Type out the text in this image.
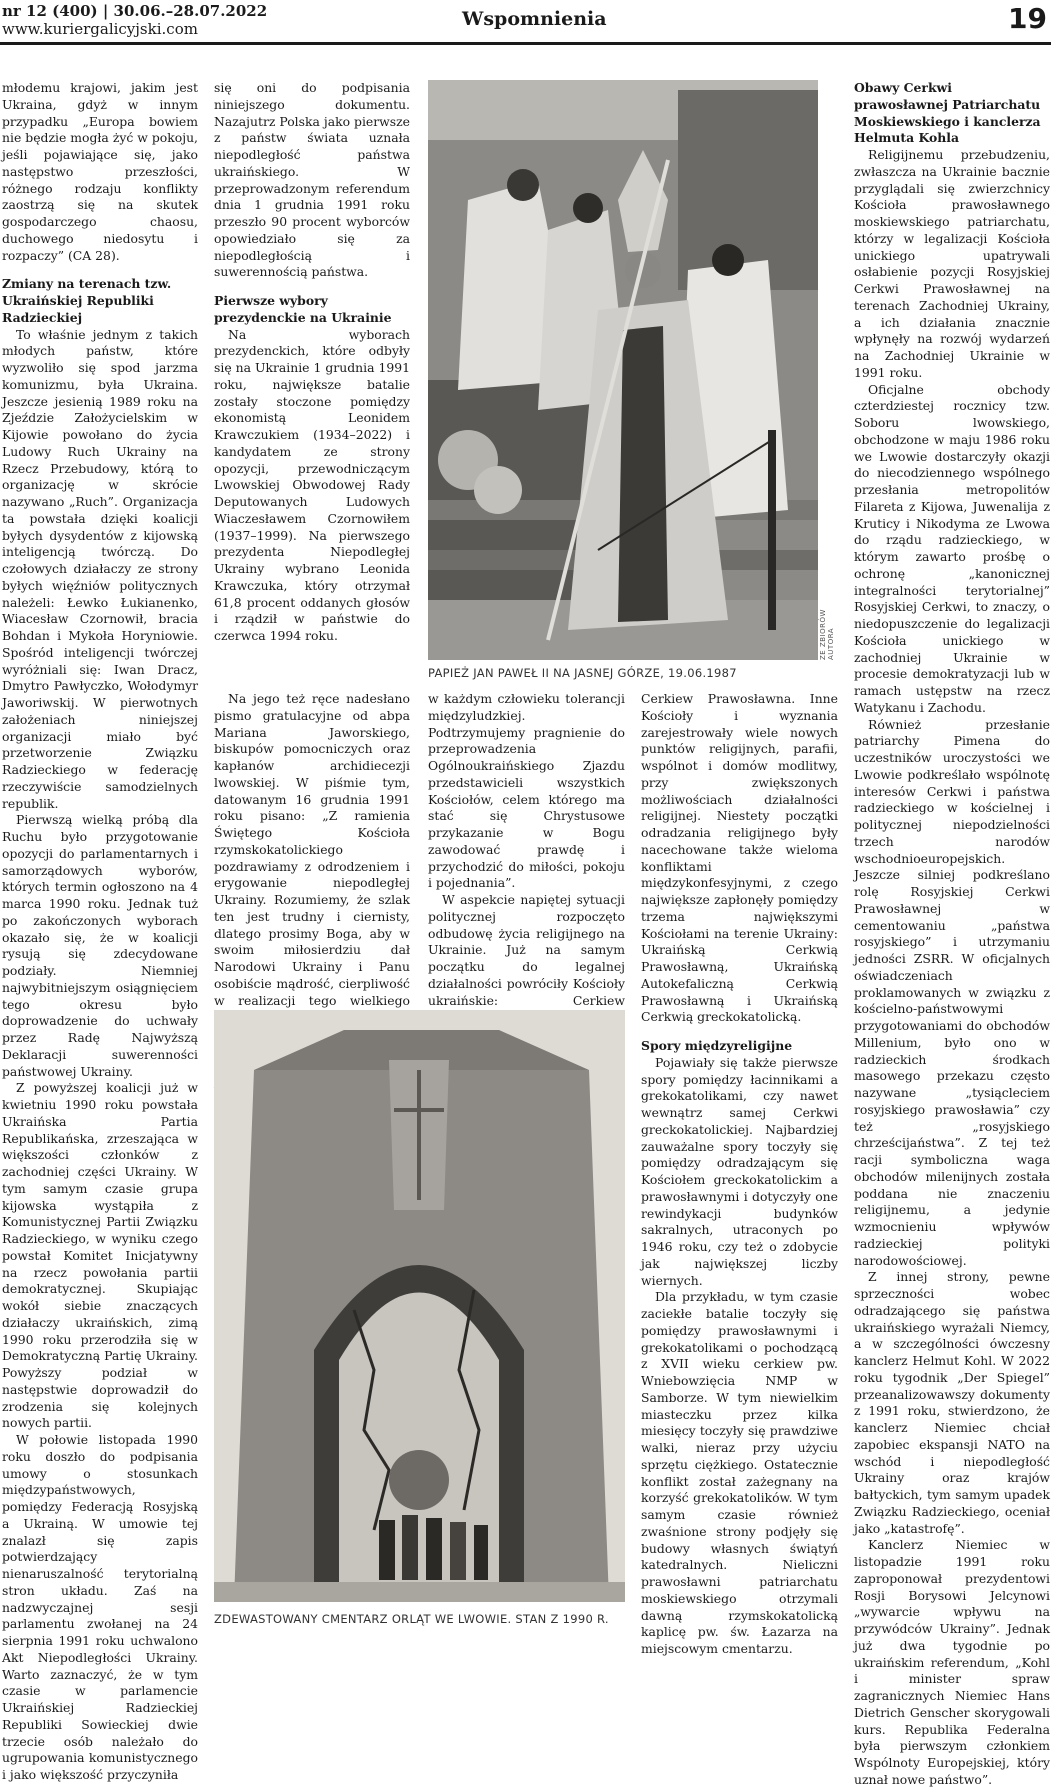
nr 12 (400) | 30.06.–28.07.2022
www.kuriergalicyjski.com	Wspomnienia	19

młodemu krajowi, jakim jest Ukraina, gdyż w innym przypadku „Europa bowiem nie będzie mogła żyć w pokoju, jeśli pojawiające się, jako następstwo przeszłości, różnego rodzaju konflikty zaostrzą się na skutek gospodarczego chaosu, duchowego niedosytu i rozpaczy” (CA 28).

Zmiany na terenach tzw. Ukraińskiej Republiki Radzieckiej

To właśnie jednym z takich młodych państw, które wyzwoliło się spod jarzma komunizmu, była Ukraina. Jeszcze jesienią 1989 roku na Zjeździe Założycielskim w Kijowie powołano do życia Ludowy Ruch Ukrainy na Rzecz Przebudowy, którą to organizację w skrócie nazywano „Ruch”. Organizacja ta powstała dzięki koalicji byłych dysydentów z kijowską inteligencją twórczą. Do czołowych działaczy ze strony byłych więźniów politycznych należeli: Łewko Łukianenko, Wiacesław Czornowił, bracia Bohdan i Mykoła Horyniowie. Spośród inteligencji twórczej wyróżniali się: Iwan Dracz, Dmytro Pawłyczko, Wołodymyr Jaworiwskij. W pierwotnych założeniach niniejszej organizacji miało być przetworzenie Związku Radzieckiego w federację rzeczywiście samodzielnych republik.

Pierwszą wielką próbą dla Ruchu było przygotowanie opozycji do parlamentarnych i samorządowych wyborów, których termin ogłoszono na 4 marca 1990 roku. Jednak tuż po zakończonych wyborach okazało się, że w koalicji rysują się zdecydowane podziały. Niemniej najwybitniejszym osiągnięciem tego okresu było doprowadzenie do uchwały przez Radę Najwyższą Deklaracji suwerenności państwowej Ukrainy.

Z powyższej koalicji już w kwietniu 1990 roku powstała Ukraińska Partia Republikańska, zrzeszająca w większości członków z zachodniej części Ukrainy. W tym samym czasie grupa kijowska wystąpiła z Komunistycznej Partii Związku Radzieckiego, w wyniku czego powstał Komitet Inicjatywny na rzecz powołania partii demokratycznej. Skupiając wokół siebie znaczących działaczy ukraińskich, zimą 1990 roku przerodziła się w Demokratyczną Partię Ukrainy. Powyższy podział w następstwie doprowadził do zrodzenia się kolejnych nowych partii.

W połowie listopada 1990 roku doszło do podpisania umowy o stosunkach międzypaństwowych, pomiędzy Federacją Rosyjską a Ukrainą. W umowie tej znalazł się zapis potwierdzający nienaruszalność terytorialną stron układu. Zaś na nadzwyczajnej sesji parlamentu zwołanej na 24 sierpnia 1991 roku uchwalono Akt Niepodległości Ukrainy. Warto zaznaczyć, że w tym czasie w parlamencie Ukraińskiej Radzieckiej Republiki Sowieckiej dwie trzecie osób należało do ugrupowania komunistycznego i jako większość przyczyniła

się oni do podpisania niniejszego dokumentu. Nazajutrz Polska jako pierwsze z państw świata uznała niepodległość państwa ukraińskiego. W przeprowadzonym referendum dnia 1 grudnia 1991 roku przeszło 90 procent wyborców opowiedziało się za niepodległością i suwerennością państwa.

Pierwsze wybory prezydenckie na Ukrainie

Na wyborach prezydenckich, które odbyły się na Ukrainie 1 grudnia 1991 roku, największe batalie zostały stoczone pomiędzy ekonomistą Leonidem Krawczukiem (1934–2022) i kandydatem ze strony opozycji, przewodniczącym Lwowskiej Obwodowej Rady Deputowanych Ludowych Wiaczesławem Czornowiłem (1937–1999). Na pierwszego prezydenta Niepodległej Ukrainy wybrano Leonida Krawczuka, który otrzymał 61,8 procent oddanych głosów i rządził w państwie do czerwca 1994 roku.

Na jego też ręce nadesłano pismo gratulacyjne od abpa Mariana Jaworskiego, biskupów pomocniczych oraz kapłanów archidiecezji lwowskiej. W piśmie tym, datowanym 16 grudnia 1991 roku pisano: „Z ramienia Świętego Kościoła rzymskokatolickiego pozdrawiamy z odrodzeniem i erygowanie niepodległej Ukrainy. Rozumiemy, że szlak ten jest trudny i ciernisty, dlatego prosimy Boga, aby w swoim miłosierdziu dał Narodowi Ukrainy i Panu osobiście mądrość, cierpliwość w realizacji tego wielkiego

w każdym człowieku tolerancji międzyludzkiej. Podtrzymujemy pragnienie do przeprowadzenia Ogólnoukraińskiego Zjazdu przedstawicieli wszystkich Kościołów, celem którego ma stać się Chrystusowe przykazanie w Bogu zawodować prawdę i przychodzić do miłości, pokoju i pojednania”.

W aspekcie napiętej sytuacji politycznej rozpoczęto odbudowę życia religijnego na Ukrainie. Już na samym początku do legalnej działalności powróciły Kościoły ukraińskie: Cerkiew

Cerkiew Prawosławna. Inne Kościoły i wyznania zarejestrowały wiele nowych punktów religijnych, parafii, wspólnot i domów modlitwy, przy zwiększonych możliwościach działalności religijnej. Niestety początki odradzania religijnego były nacechowane także wieloma konfliktami międzykonfesyjnymi, z czego największe zapłonęły pomiędzy trzema największymi Kościołami na terenie Ukrainy: Ukraińską Cerkwią Prawosławną, Ukraińską Autokefaliczną Cerkwią Prawosławną i Ukraińską Cerkwią greckokatolicką.

Spory międzyreligijne

Pojawiały się także pierwsze spory pomiędzy łacinnikami a grekokatolikami, czy nawet wewnątrz samej Cerkwi greckokatolickiej. Najbardziej zauważalne spory toczyły się pomiędzy odradzającym się Kościołem greckokatolickim a prawosławnymi i dotyczyły one rewindykacji budynków sakralnych, utraconych po 1946 roku, czy też o zdobycie jak największej liczby wiernych.

Dla przykładu, w tym czasie zaciekłe batalie toczyły się pomiędzy prawosławnymi i grekokatolikami o pochodzącą z XVII wieku cerkiew pw. Wniebowzięcia NMP w Samborze. W tym niewielkim miasteczku przez kilka miesięcy toczyły się prawdziwe walki, nieraz przy użyciu sprzętu ciężkiego. Ostatecznie konflikt został zażegnany na korzyść grekokatolików. W tym samym czasie również zwaśnione strony podjęły się budowy własnych świątyń katedralnych. Nieliczni prawosławni patriarchatu moskiewskiego otrzymali dawną rzymskokatolicką kaplicę pw. św. Łazarza na miejscowym cmentarzu.

Obawy Cerkwi prawosławnej Patriarchatu Moskiewskiego i kanclerza Helmuta Kohla

Religijnemu przebudzeniu, zwłaszcza na Ukrainie bacznie przyglądali się zwierzchnicy Kościoła prawosławnego moskiewskiego patriarchatu, którzy w legalizacji Kościoła unickiego upatrywali osłabienie pozycji Rosyjskiej Cerkwi Prawosławnej na terenach Zachodniej Ukrainy, a ich działania znacznie wpłynęły na rozwój wydarzeń na Zachodniej Ukrainie w 1991 roku.

Oficjalne obchody czterdziestej rocznicy tzw. Soboru lwowskiego, obchodzone w maju 1986 roku we Lwowie dostarczyły okazji do niecodziennego wspólnego przesłania metropolitów Filareta z Kijowa, Juwenalija z Kruticy i Nikodyma ze Lwowa do rządu radzieckiego, w którym zawarto prośbę o ochronę „kanonicznej integralności terytorialnej” Rosyjskiej Cerkwi, to znaczy, o niedopuszczenie do legalizacji Kościoła unickiego w zachodniej Ukrainie w procesie demokratyzacji lub w ramach ustępstw na rzecz Watykanu i Zachodu.

Również przesłanie patriarchy Pimena do uczestników uroczystości we Lwowie podkreślało wspólnotę interesów Cerkwi i państwa radzieckiego w kościelnej i politycznej niepodzielności trzech narodów wschodnioeuropejskich. Jeszcze silniej podkreślano rolę Rosyjskiej Cerkwi Prawosławnej w cementowaniu „państwa rosyjskiego” i utrzymaniu jedności ZSRR. W oficjalnych oświadczeniach proklamowanych w związku z kościelno-państwowymi przygotowaniami do obchodów Millenium, było ono w radzieckich środkach masowego przekazu często nazywane „tysiącleciem rosyjskiego prawosławia” czy też „rosyjskiego chrześcijaństwa”. Z tej też racji symboliczna waga obchodów milenijnych została poddana nie znaczeniu religijnemu, a jedynie wzmocnieniu wpływów radzieckiej polityki narodowościowej.

Z innej strony, pewne sprzeczności wobec odradzającego się państwa ukraińskiego wyrażali Niemcy, a w szczególności ówczesny kanclerz Helmut Kohl. W 2022 roku tygodnik „Der Spiegel” przeanalizowawszy dokumenty z 1991 roku, stwierdzono, że kanclerz Niemiec chciał zapobiec ekspansji NATO na wschód i niepodległość Ukrainy oraz krajów bałtyckich, tym samym upadek Związku Radzieckiego, oceniał jako „katastrofę”.

Kanclerz Niemiec w listopadzie 1991 roku zaproponował prezydentowi Rosji Borysowi Jelcynowi „wywarcie wpływu na przywódców Ukrainy”. Jednak już dwa tygodnie po ukraińskim referendum, „Kohl i minister spraw zagranicznych Niemiec Hans Dietrich Genscher skorygowali kurs. Republika Federalna była pierwszym członkiem Wspólnoty Europejskiej, który uznał nowe państwo”.

ZE ZBIORÓW AUTORA
PAPIEŻ JAN PAWEŁ II NA JASNEJ GÓRZE, 19.06.1987
ZDEWASTOWANY CMENTARZ ORLĄT WE LWOWIE. STAN Z 1990 R.
